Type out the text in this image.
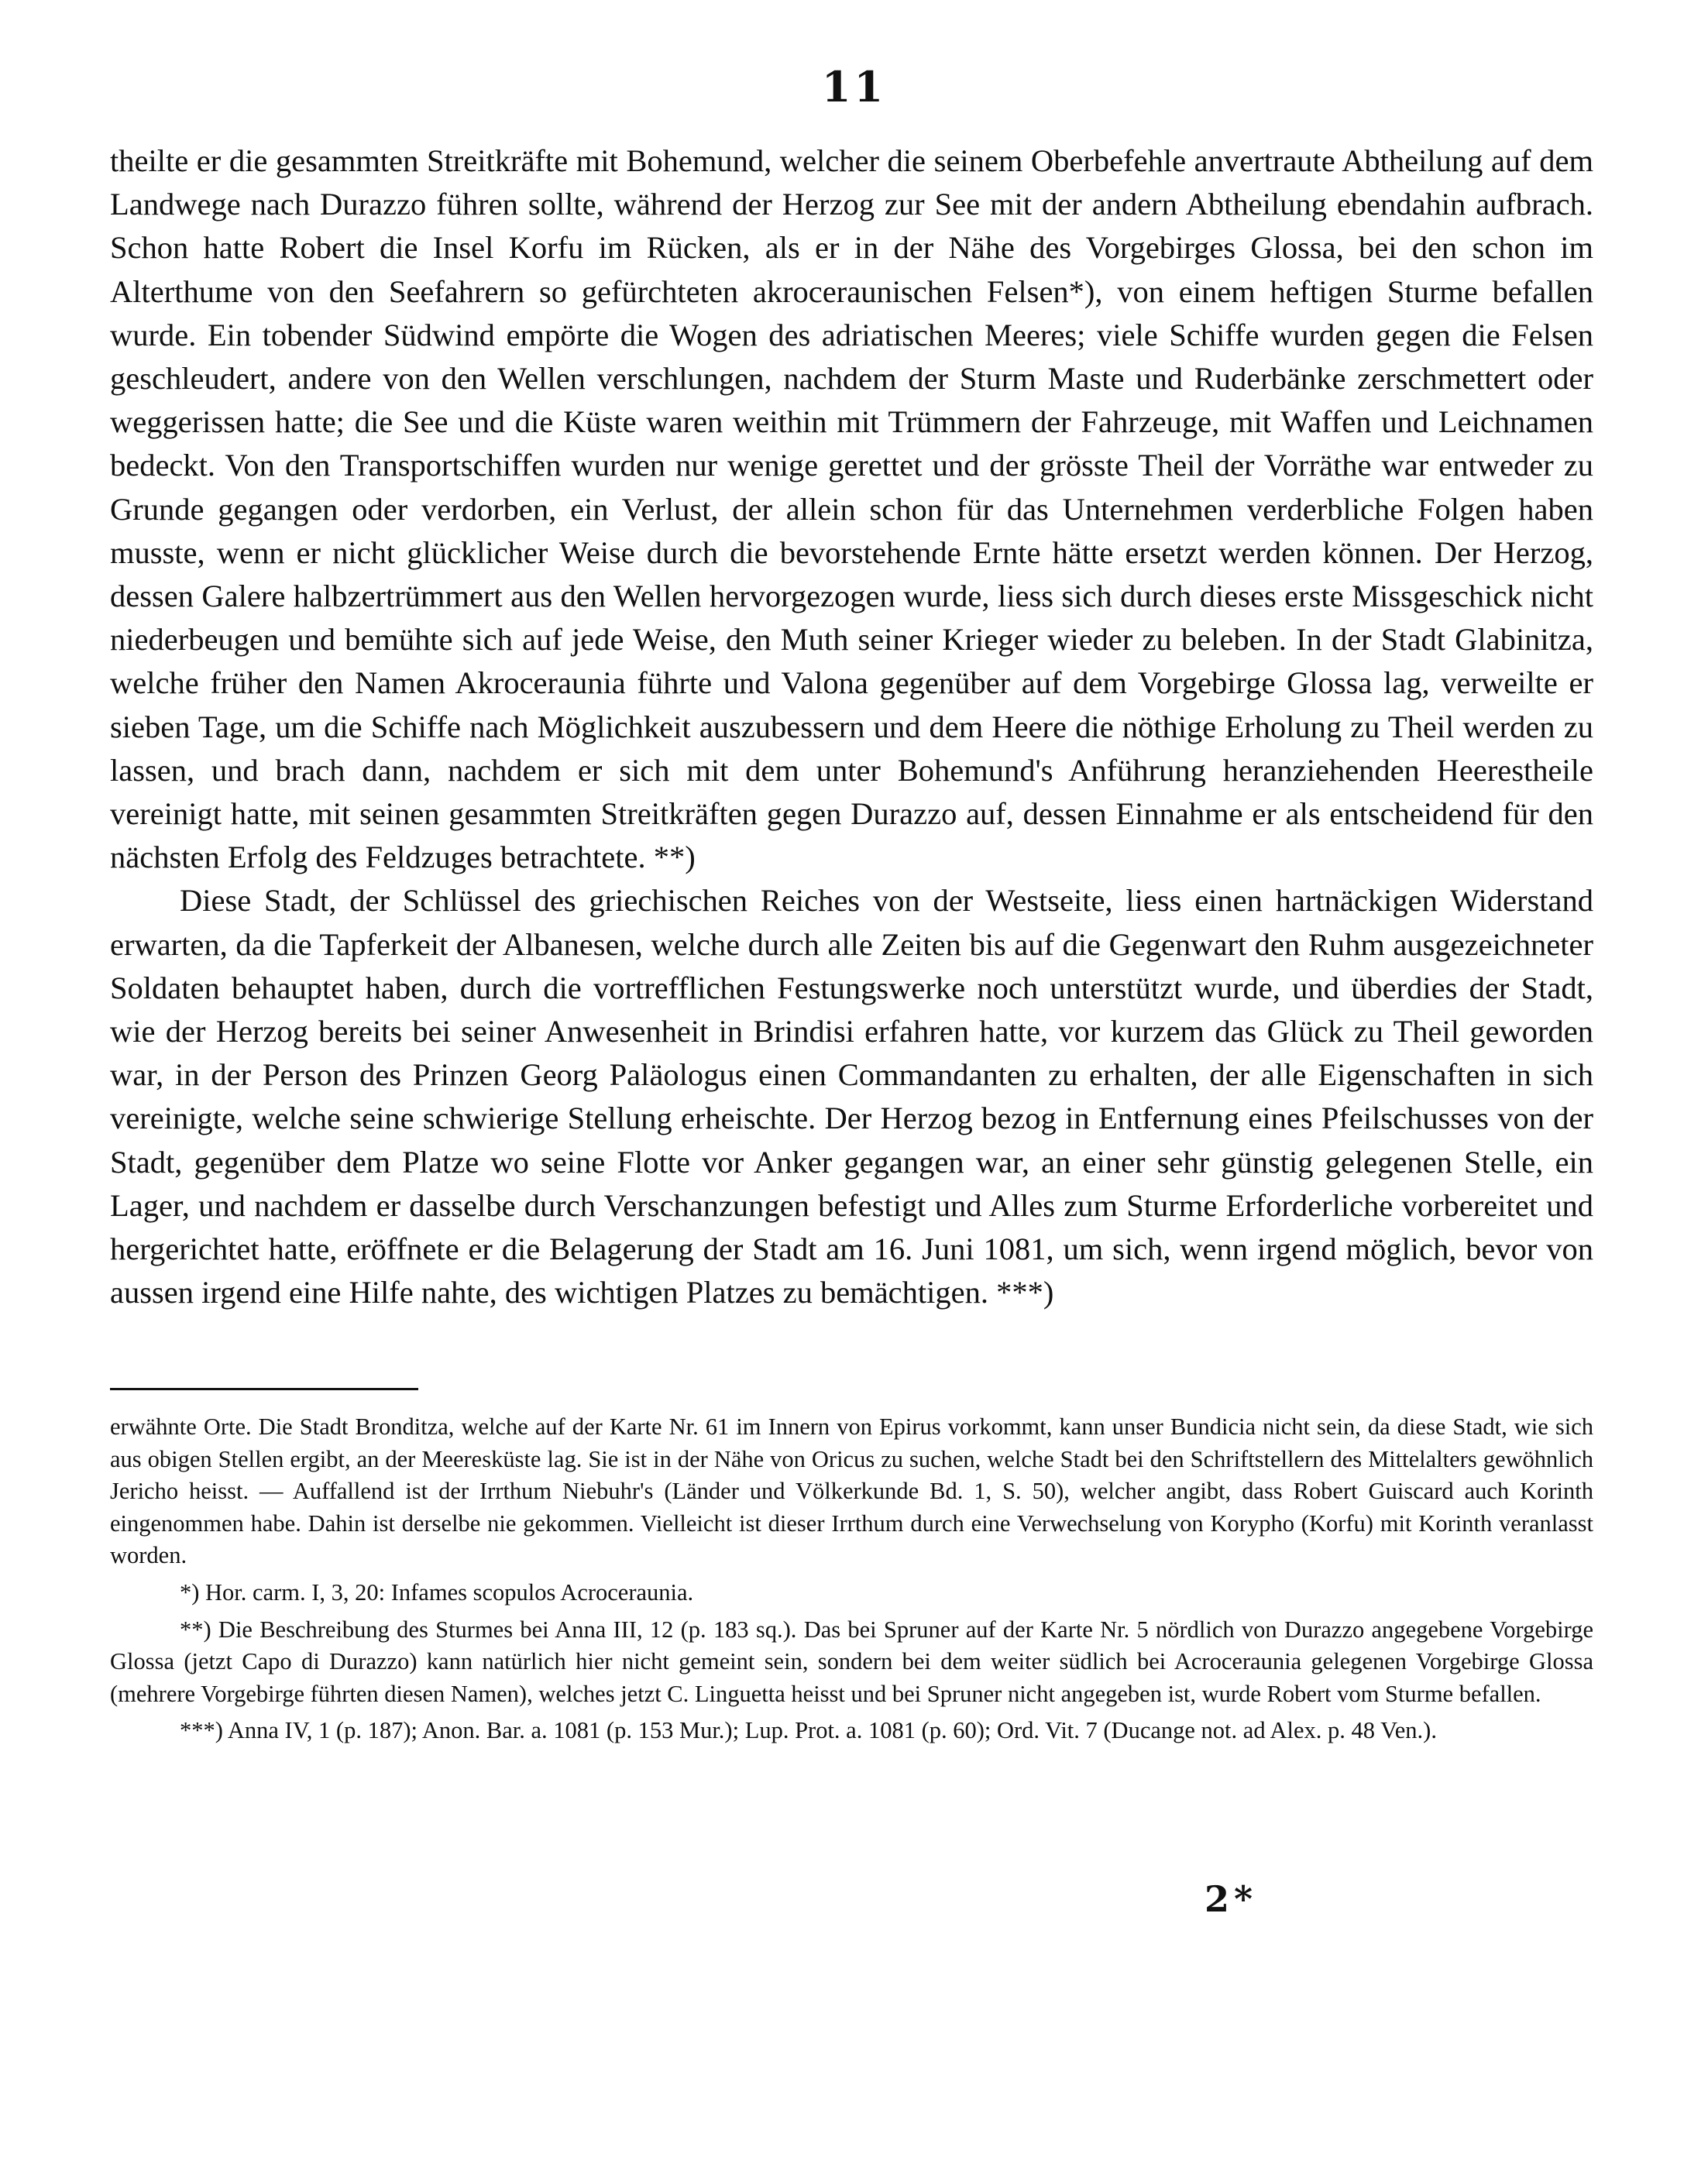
11

theilte er die gesammten Streitkräfte mit Bohemund, welcher die seinem Oberbefehle anvertraute Abtheilung auf dem Landwege nach Durazzo führen sollte, während der Herzog zur See mit der andern Abtheilung ebendahin aufbrach. Schon hatte Robert die Insel Korfu im Rücken, als er in der Nähe des Vorgebirges Glossa, bei den schon im Alterthume von den Seefahrern so gefürchteten akroceraunischen Felsen*), von einem heftigen Sturme befallen wurde. Ein tobender Südwind empörte die Wogen des adriatischen Meeres; viele Schiffe wurden gegen die Felsen geschleudert, andere von den Wellen verschlungen, nachdem der Sturm Maste und Ruderbänke zerschmettert oder weggerissen hatte; die See und die Küste waren weithin mit Trümmern der Fahrzeuge, mit Waffen und Leichnamen bedeckt. Von den Transportschiffen wurden nur wenige gerettet und der grösste Theil der Vorräthe war entweder zu Grunde gegangen oder verdorben, ein Verlust, der allein schon für das Unternehmen verderbliche Folgen haben musste, wenn er nicht glücklicher Weise durch die bevorstehende Ernte hätte ersetzt werden können. Der Herzog, dessen Galere halbzertrümmert aus den Wellen hervorgezogen wurde, liess sich durch dieses erste Missgeschick nicht niederbeugen und bemühte sich auf jede Weise, den Muth seiner Krieger wieder zu beleben. In der Stadt Glabinitza, welche früher den Namen Akroceraunia führte und Valona gegenüber auf dem Vorgebirge Glossa lag, verweilte er sieben Tage, um die Schiffe nach Möglichkeit auszubessern und dem Heere die nöthige Erholung zu Theil werden zu lassen, und brach dann, nachdem er sich mit dem unter Bohemund's Anführung heranziehenden Heerestheile vereinigt hatte, mit seinen gesammten Streitkräften gegen Durazzo auf, dessen Einnahme er als entscheidend für den nächsten Erfolg des Feldzuges betrachtete. **)

Diese Stadt, der Schlüssel des griechischen Reiches von der Westseite, liess einen hartnäckigen Widerstand erwarten, da die Tapferkeit der Albanesen, welche durch alle Zeiten bis auf die Gegenwart den Ruhm ausgezeichneter Soldaten behauptet haben, durch die vortrefflichen Festungswerke noch unterstützt wurde, und überdies der Stadt, wie der Herzog bereits bei seiner Anwesenheit in Brindisi erfahren hatte, vor kurzem das Glück zu Theil geworden war, in der Person des Prinzen Georg Paläologus einen Commandanten zu erhalten, der alle Eigenschaften in sich vereinigte, welche seine schwierige Stellung erheischte. Der Herzog bezog in Entfernung eines Pfeilschusses von der Stadt, gegenüber dem Platze wo seine Flotte vor Anker gegangen war, an einer sehr günstig gelegenen Stelle, ein Lager, und nachdem er dasselbe durch Verschanzungen befestigt und Alles zum Sturme Erforderliche vorbereitet und hergerichtet hatte, eröffnete er die Belagerung der Stadt am 16. Juni 1081, um sich, wenn irgend möglich, bevor von aussen irgend eine Hilfe nahte, des wichtigen Platzes zu bemächtigen. ***)

erwähnte Orte. Die Stadt Bronditza, welche auf der Karte Nr. 61 im Innern von Epirus vorkommt, kann unser Bundicia nicht sein, da diese Stadt, wie sich aus obigen Stellen ergibt, an der Meeresküste lag. Sie ist in der Nähe von Oricus zu suchen, welche Stadt bei den Schriftstellern des Mittelalters gewöhnlich Jericho heisst. — Auffallend ist der Irrthum Niebuhr's (Länder und Völkerkunde Bd. 1, S. 50), welcher angibt, dass Robert Guiscard auch Korinth eingenommen habe. Dahin ist derselbe nie gekommen. Vielleicht ist dieser Irrthum durch eine Verwechselung von Korypho (Korfu) mit Korinth veranlasst worden.

*) Hor. carm. I, 3, 20: Infames scopulos Acroceraunia.

**) Die Beschreibung des Sturmes bei Anna III, 12 (p. 183 sq.). Das bei Spruner auf der Karte Nr. 5 nördlich von Durazzo angegebene Vorgebirge Glossa (jetzt Capo di Durazzo) kann natürlich hier nicht gemeint sein, sondern bei dem weiter südlich bei Acroceraunia gelegenen Vorgebirge Glossa (mehrere Vorgebirge führten diesen Namen), welches jetzt C. Linguetta heisst und bei Spruner nicht angegeben ist, wurde Robert vom Sturme befallen.

***) Anna IV, 1 (p. 187); Anon. Bar. a. 1081 (p. 153 Mur.); Lup. Prot. a. 1081 (p. 60); Ord. Vit. 7 (Ducange not. ad Alex. p. 48 Ven.).

2*
